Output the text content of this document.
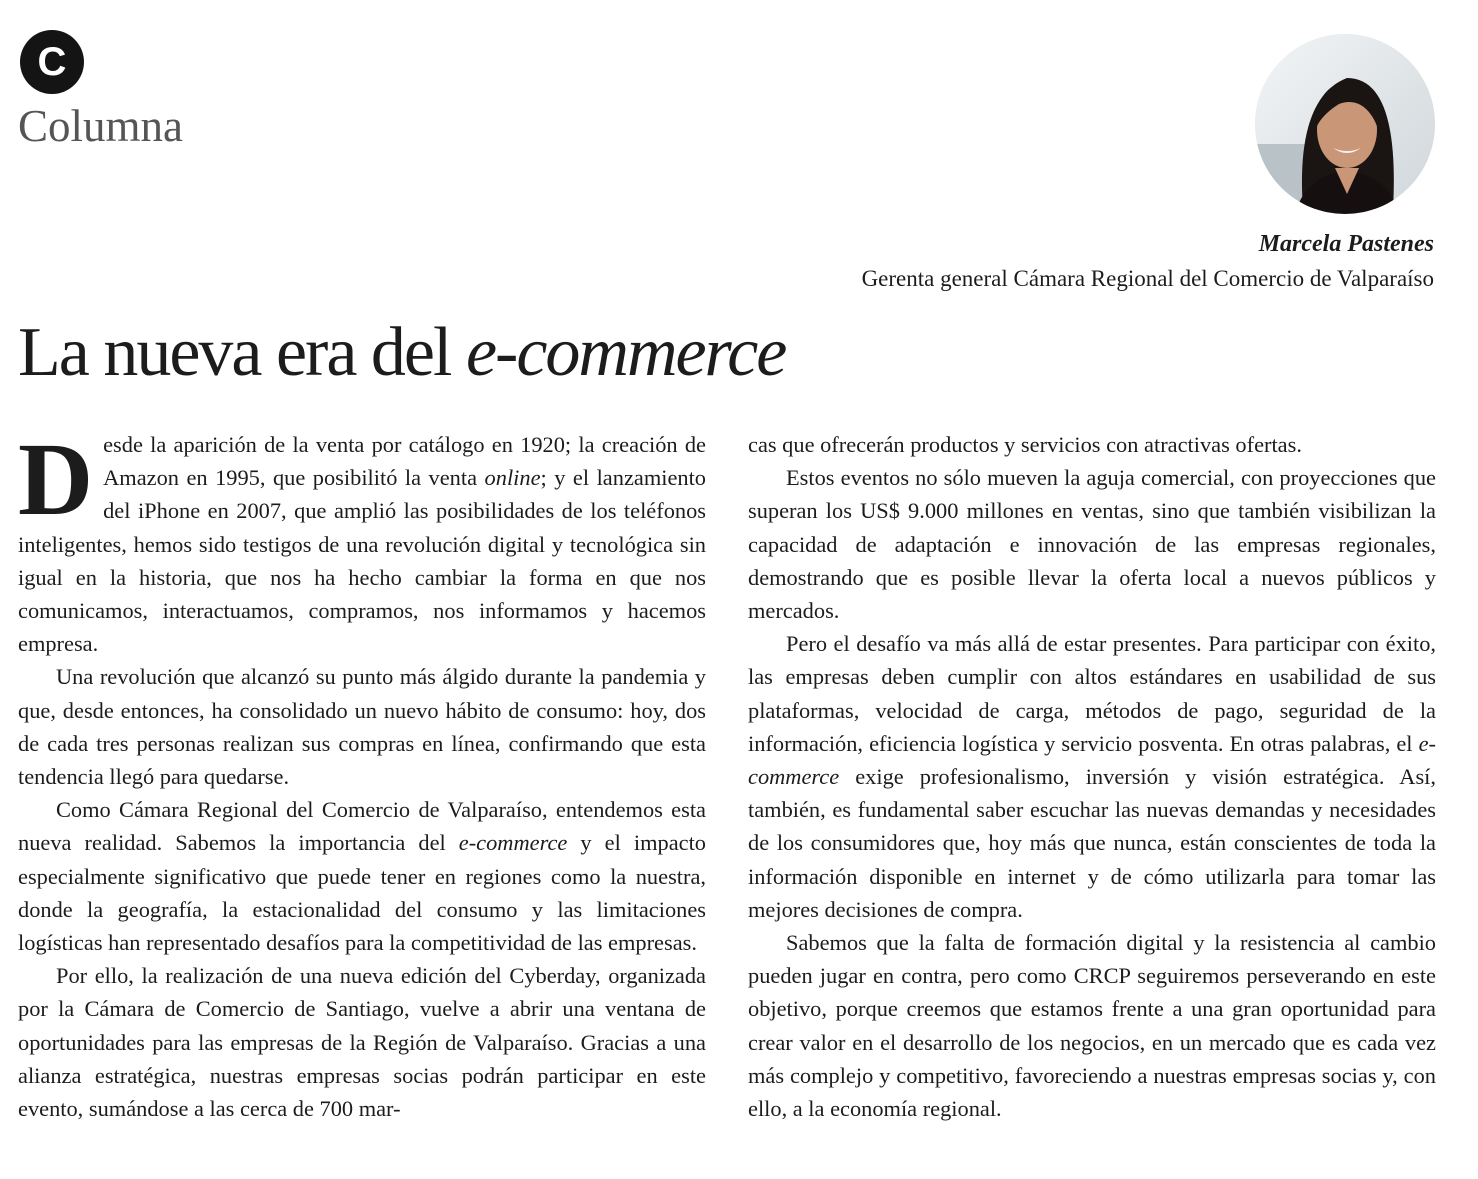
C
Columna
Marcela Pastenes
Gerenta general Cámara Regional del Comercio de Valparaíso
La nueva era del e-commerce

Desde la aparición de la venta por catálogo en 1920; la creación de Amazon en 1995, que posibilitó la venta online; y el lanzamiento del iPhone en 2007, que amplió las posibilidades de los teléfonos inteligentes, hemos sido testigos de una revolución digital y tecnológica sin igual en la historia, que nos ha hecho cambiar la forma en que nos comunicamos, interactuamos, compramos, nos informamos y hacemos empresa.

Una revolución que alcanzó su punto más álgido durante la pandemia y que, desde entonces, ha consolidado un nuevo hábito de consumo: hoy, dos de cada tres personas realizan sus compras en línea, confirmando que esta tendencia llegó para quedarse.

Como Cámara Regional del Comercio de Valparaíso, entendemos esta nueva realidad. Sabemos la importancia del e-commerce y el impacto especialmente significativo que puede tener en regiones como la nuestra, donde la geografía, la estacionalidad del consumo y las limitaciones logísticas han representado desafíos para la competitividad de las empresas.

Por ello, la realización de una nueva edición del Cyberday, organizada por la Cámara de Comercio de Santiago, vuelve a abrir una ventana de oportunidades para las empresas de la Región de Valparaíso. Gracias a una alianza estratégica, nuestras empresas socias podrán participar en este evento, sumándose a las cerca de 700 mar-

cas que ofrecerán productos y servicios con atractivas ofertas.

Estos eventos no sólo mueven la aguja comercial, con proyecciones que superan los US$ 9.000 millones en ventas, sino que también visibilizan la capacidad de adaptación e innovación de las empresas regionales, demostrando que es posible llevar la oferta local a nuevos públicos y mercados.

Pero el desafío va más allá de estar presentes. Para participar con éxito, las empresas deben cumplir con altos estándares en usabilidad de sus plataformas, velocidad de carga, métodos de pago, seguridad de la información, eficiencia logística y servicio posventa. En otras palabras, el e-commerce exige profesionalismo, inversión y visión estratégica. Así, también, es fundamental saber escuchar las nuevas demandas y necesidades de los consumidores que, hoy más que nunca, están conscientes de toda la información disponible en internet y de cómo utilizarla para tomar las mejores decisiones de compra.

Sabemos que la falta de formación digital y la resistencia al cambio pueden jugar en contra, pero como CRCP seguiremos perseverando en este objetivo, porque creemos que estamos frente a una gran oportunidad para crear valor en el desarrollo de los negocios, en un mercado que es cada vez más complejo y competitivo, favoreciendo a nuestras empresas socias y, con ello, a la economía regional.
